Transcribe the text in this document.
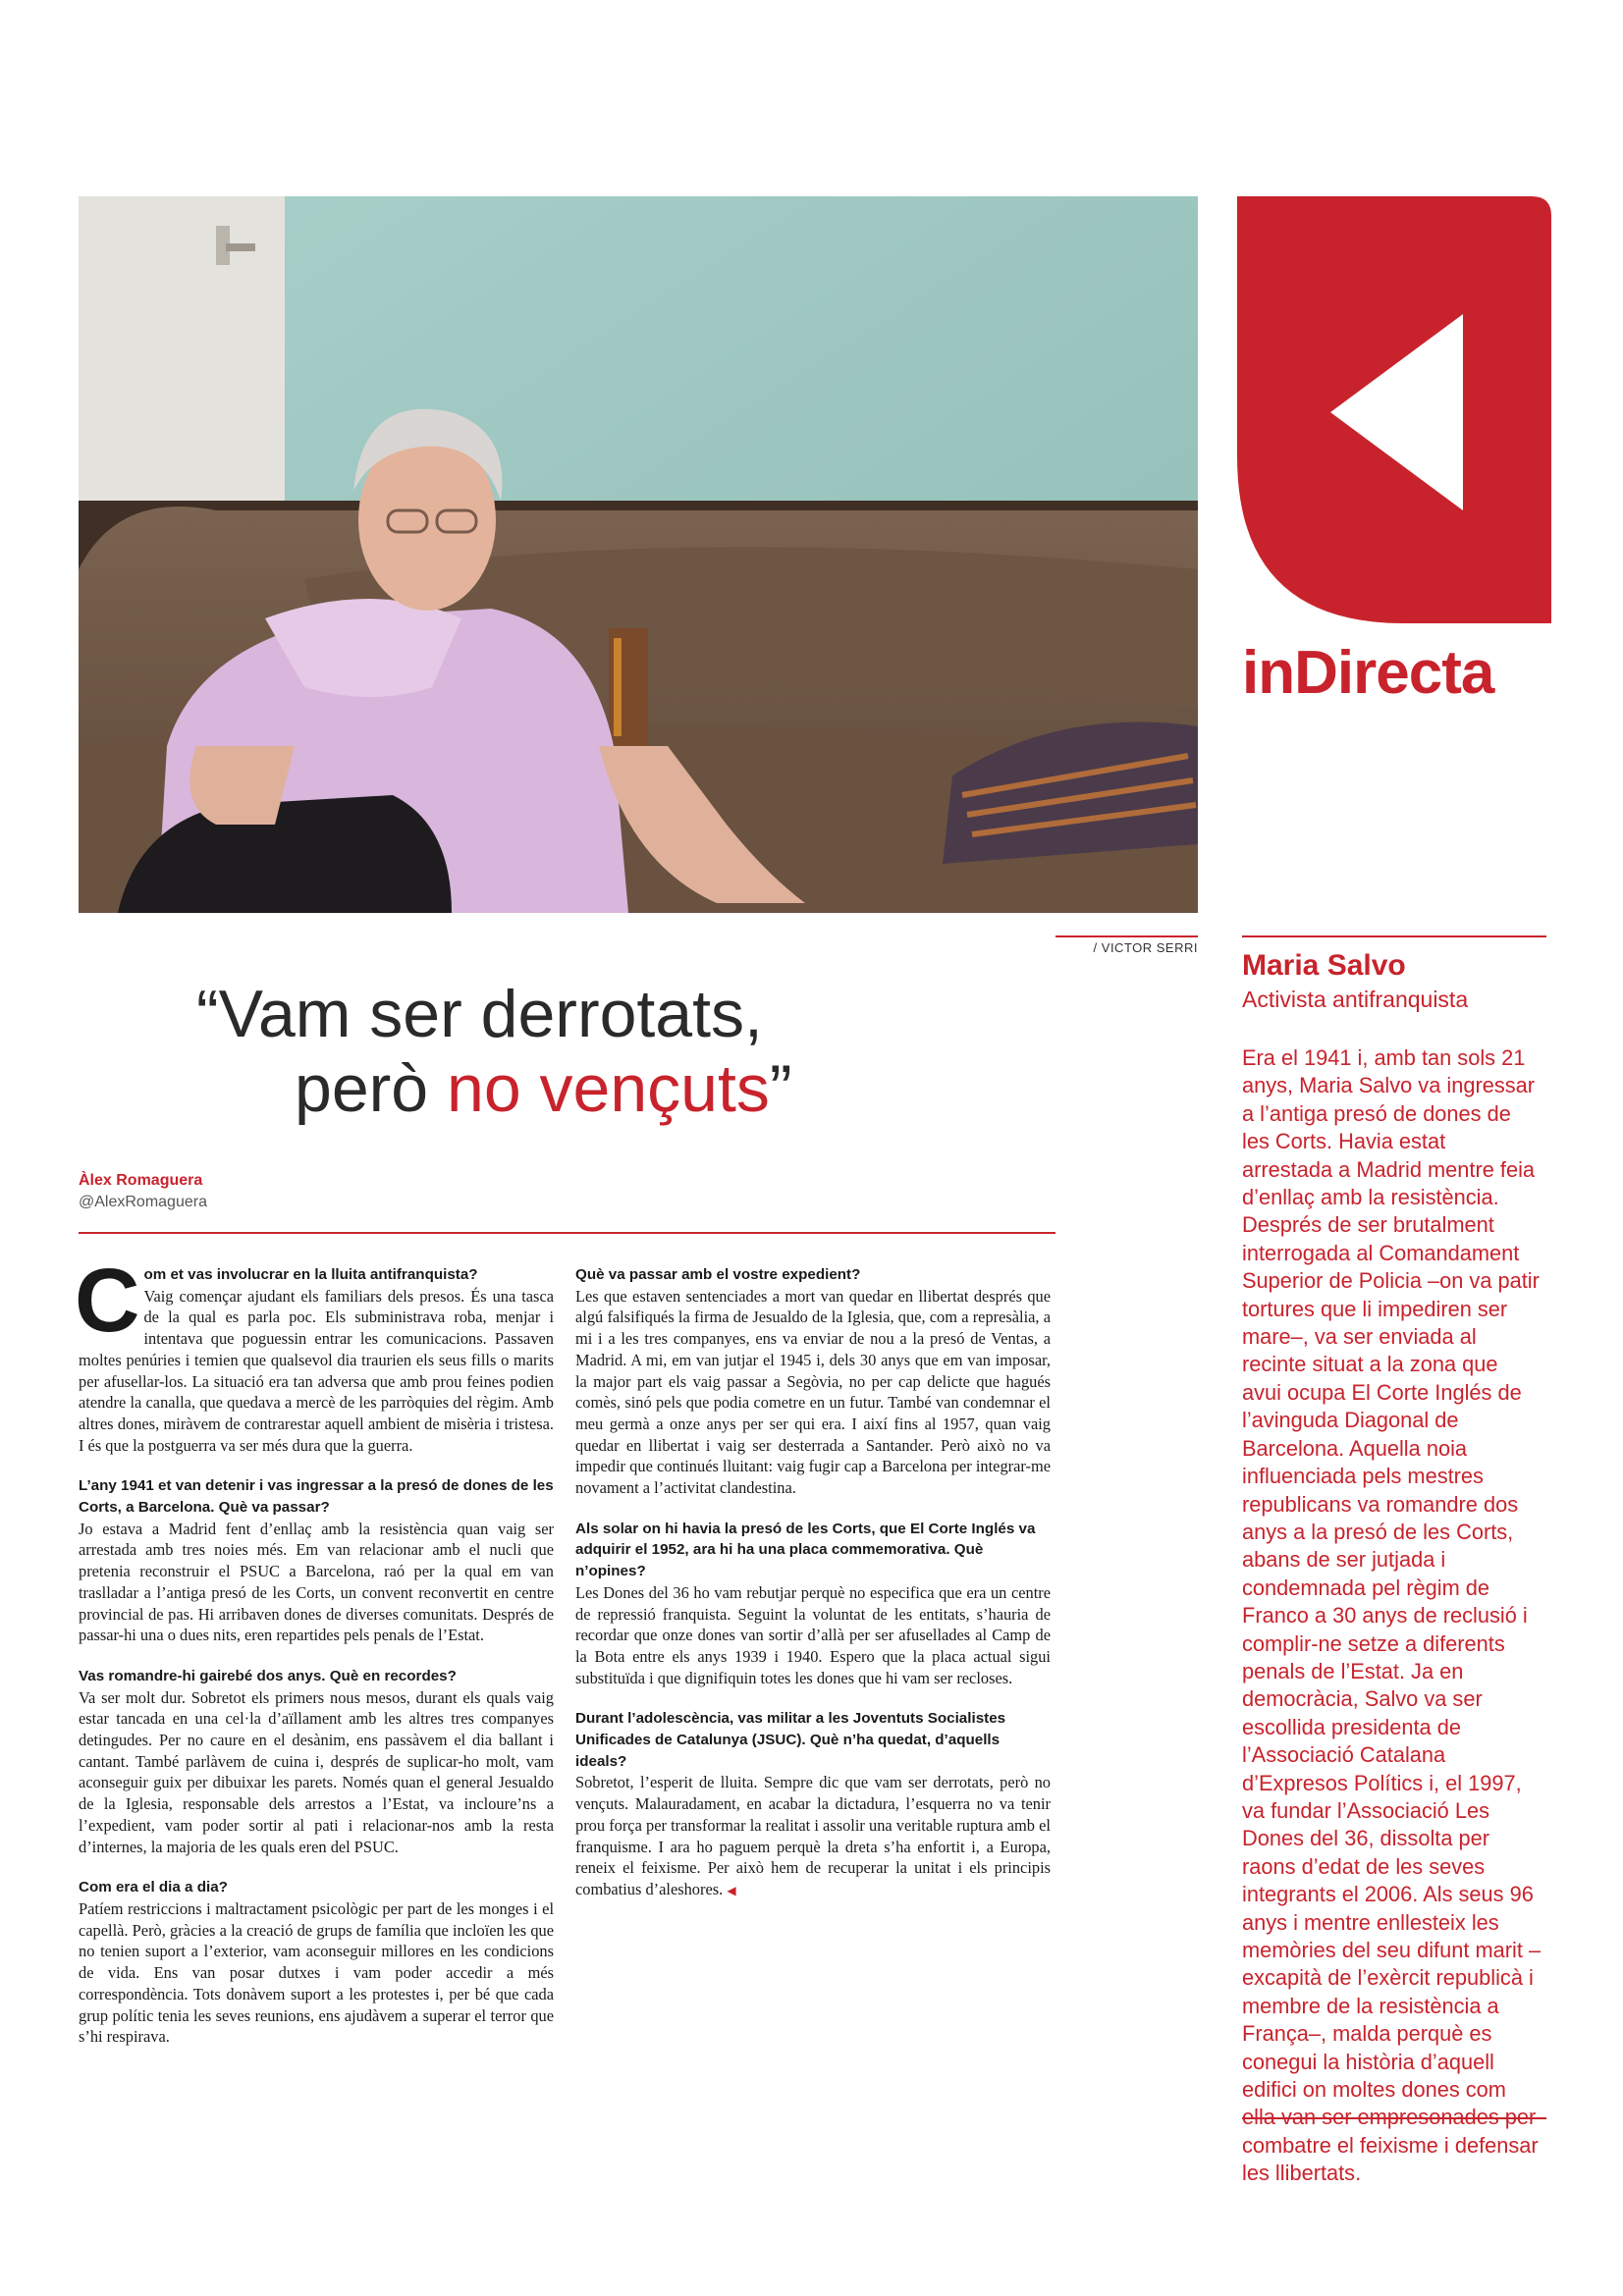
/ VICTOR SERRI
inDirecta
“Vam ser derrotats,
però no vençuts”
Àlex Romaguera
@AlexRomaguera

Com et vas involucrar en la lluita antifranquista?

Vaig començar ajudant els familiars dels presos. És una tasca de la qual es parla poc. Els subministrava roba, menjar i intentava que poguessin entrar les comunicacions. Passaven moltes penúries i temien que qualsevol dia traurien els seus fills o marits per afusellar-los. La situació era tan adversa que amb prou feines podien atendre la canalla, que quedava a mercè de les parròquies del règim. Amb altres dones, miràvem de contrarestar aquell ambient de misèria i tristesa. I és que la postguerra va ser més dura que la guerra.

L’any 1941 et van detenir i vas ingressar a la presó de dones de les Corts, a Barcelona. Què va passar?

Jo estava a Madrid fent d’enllaç amb la resistència quan vaig ser arrestada amb tres noies més. Em van relacionar amb el nucli que pretenia reconstruir el PSUC a Barcelona, raó per la qual em van traslladar a l’antiga presó de les Corts, un convent reconvertit en centre provincial de pas. Hi arribaven dones de diverses comunitats. Després de passar-hi una o dues nits, eren repartides pels penals de l’Estat.

Vas romandre-hi gairebé dos anys. Què en recordes?

Va ser molt dur. Sobretot els primers nous mesos, durant els quals vaig estar tancada en una cel·la d’aïllament amb les altres tres companyes detingudes. Per no caure en el desànim, ens passàvem el dia ballant i cantant. També parlàvem de cuina i, després de suplicar-ho molt, vam aconseguir guix per dibuixar les parets. Només quan el general Jesualdo de la Iglesia, responsable dels arrestos a l’Estat, va incloure’ns a l’expedient, vam poder sortir al pati i relacionar-nos amb la resta d’internes, la majoria de les quals eren del PSUC.

Com era el dia a dia?

Patíem restriccions i maltractament psicològic per part de les monges i el capellà. Però, gràcies a la creació de grups de família que incloïen les que no tenien suport a l’exterior, vam aconseguir millores en les condicions de vida. Ens van posar dutxes i vam poder accedir a més correspondència. Tots donàvem suport a les protestes i, per bé que cada grup polític tenia les seves reunions, ens ajudàvem a superar el terror que s’hi respirava.

Què va passar amb el vostre expedient?

Les que estaven sentenciades a mort van quedar en llibertat després que algú falsifiqués la firma de Jesualdo de la Iglesia, que, com a represàlia, a mi i a les tres companyes, ens va enviar de nou a la presó de Ventas, a Madrid. A mi, em van jutjar el 1945 i, dels 30 anys que em van imposar, la major part els vaig passar a Segòvia, no per cap delicte que hagués comès, sinó pels que podia cometre en un futur. També van condemnar el meu germà a onze anys per ser qui era. I així fins al 1957, quan vaig quedar en llibertat i vaig ser desterrada a Santander. Però això no va impedir que continués lluitant: vaig fugir cap a Barcelona per integrar-me novament a l’activitat clandestina.

Als solar on hi havia la presó de les Corts, que El Corte Inglés va adquirir el 1952, ara hi ha una placa commemorativa. Què n’opines?

Les Dones del 36 ho vam rebutjar perquè no especifica que era un centre de repressió franquista. Seguint la voluntat de les entitats, s’hauria de recordar que onze dones van sortir d’allà per ser afusellades al Camp de la Bota entre els anys 1939 i 1940. Espero que la placa actual sigui substituïda i que dignifiquin totes les dones que hi vam ser recloses.

Durant l’adolescència, vas militar a les Joventuts Socialistes Unificades de Catalunya (JSUC). Què n’ha quedat, d’aquells ideals?

Sobretot, l’esperit de lluita. Sempre dic que vam ser derrotats, però no vençuts. Malauradament, en acabar la dictadura, l’esquerra no va tenir prou força per transformar la realitat i assolir una veritable ruptura amb el franquisme. I ara ho paguem perquè la dreta s’ha enfortit i, a Europa, reneix el feixisme. Per això hem de recuperar la unitat i els principis combatius d’aleshores. ◀

Maria Salvo
Activista antifranquista
Era el 1941 i, amb tan sols 21 anys, Maria Salvo va ingressar a l’antiga presó de dones de les Corts. Havia estat arrestada a Madrid mentre feia d’enllaç amb la resistència. Després de ser brutalment interrogada al Comandament Superior de Policia –on va patir tortures que li impediren ser mare–, va ser enviada al recinte situat a la zona que avui ocupa El Corte Inglés de l’avinguda Diagonal de Barcelona. Aquella noia influenciada pels mestres republicans va romandre dos anys a la presó de les Corts, abans de ser jutjada i condemnada pel règim de Franco a 30 anys de reclusió i complir-ne setze a diferents penals de l’Estat. Ja en democràcia, Salvo va ser escollida presidenta de l’Associació Catalana d’Expresos Polítics i, el 1997, va fundar l’Associació Les Dones del 36, dissolta per raons d’edat de les seves integrants el 2006. Als seus 96 anys i mentre enllesteix les memòries del seu difunt marit –excapità de l’exèrcit republicà i membre de la resistència a França–, malda perquè es conegui la història d’aquell edifici on moltes dones com ella van ser empresonades per combatre el feixisme i defensar les llibertats.
